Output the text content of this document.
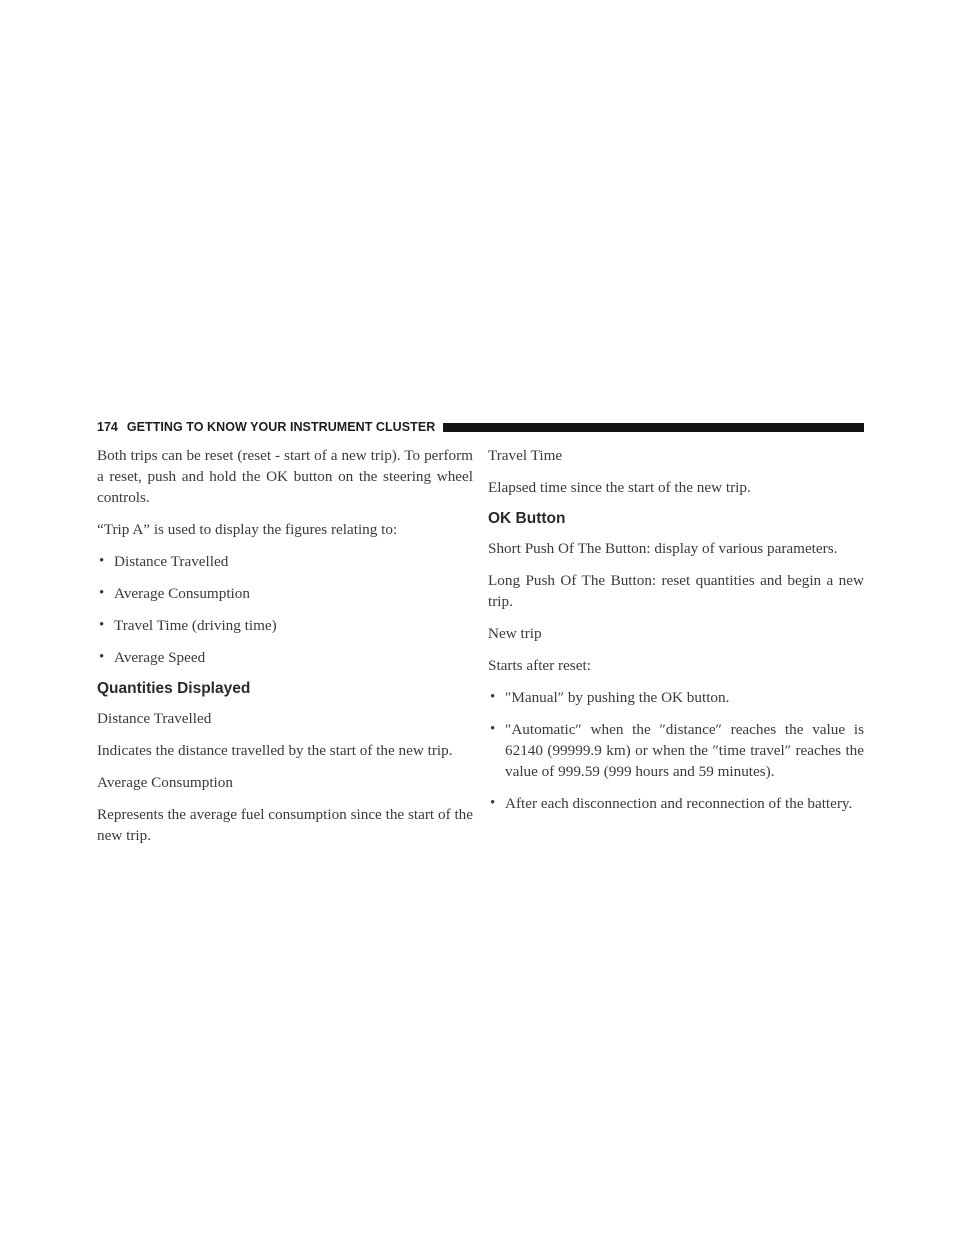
174 GETTING TO KNOW YOUR INSTRUMENT CLUSTER

Both trips can be reset (reset - start of a new trip). To perform a reset, push and hold the OK button on the steering wheel controls.

“Trip A” is used to display the figures relating to:

• Distance Travelled
• Average Consumption
• Travel Time (driving time)
• Average Speed
Quantities Displayed

Distance Travelled

Indicates the distance travelled by the start of the new trip.

Average Consumption

Represents the average fuel consumption since the start of the new trip.

Travel Time

Elapsed time since the start of the new trip.

OK Button

Short Push Of The Button: display of various parameters.

Long Push Of The Button: reset quantities and begin a new trip.

New trip

Starts after reset:

• ″Manual″ by pushing the OK button.
• ″Automatic″ when the ″distance″ reaches the value is 62140 (99999.9 km) or when the ″time travel″ reaches the value of 999.59 (999 hours and 59 minutes).
• After each disconnection and reconnection of the battery.
